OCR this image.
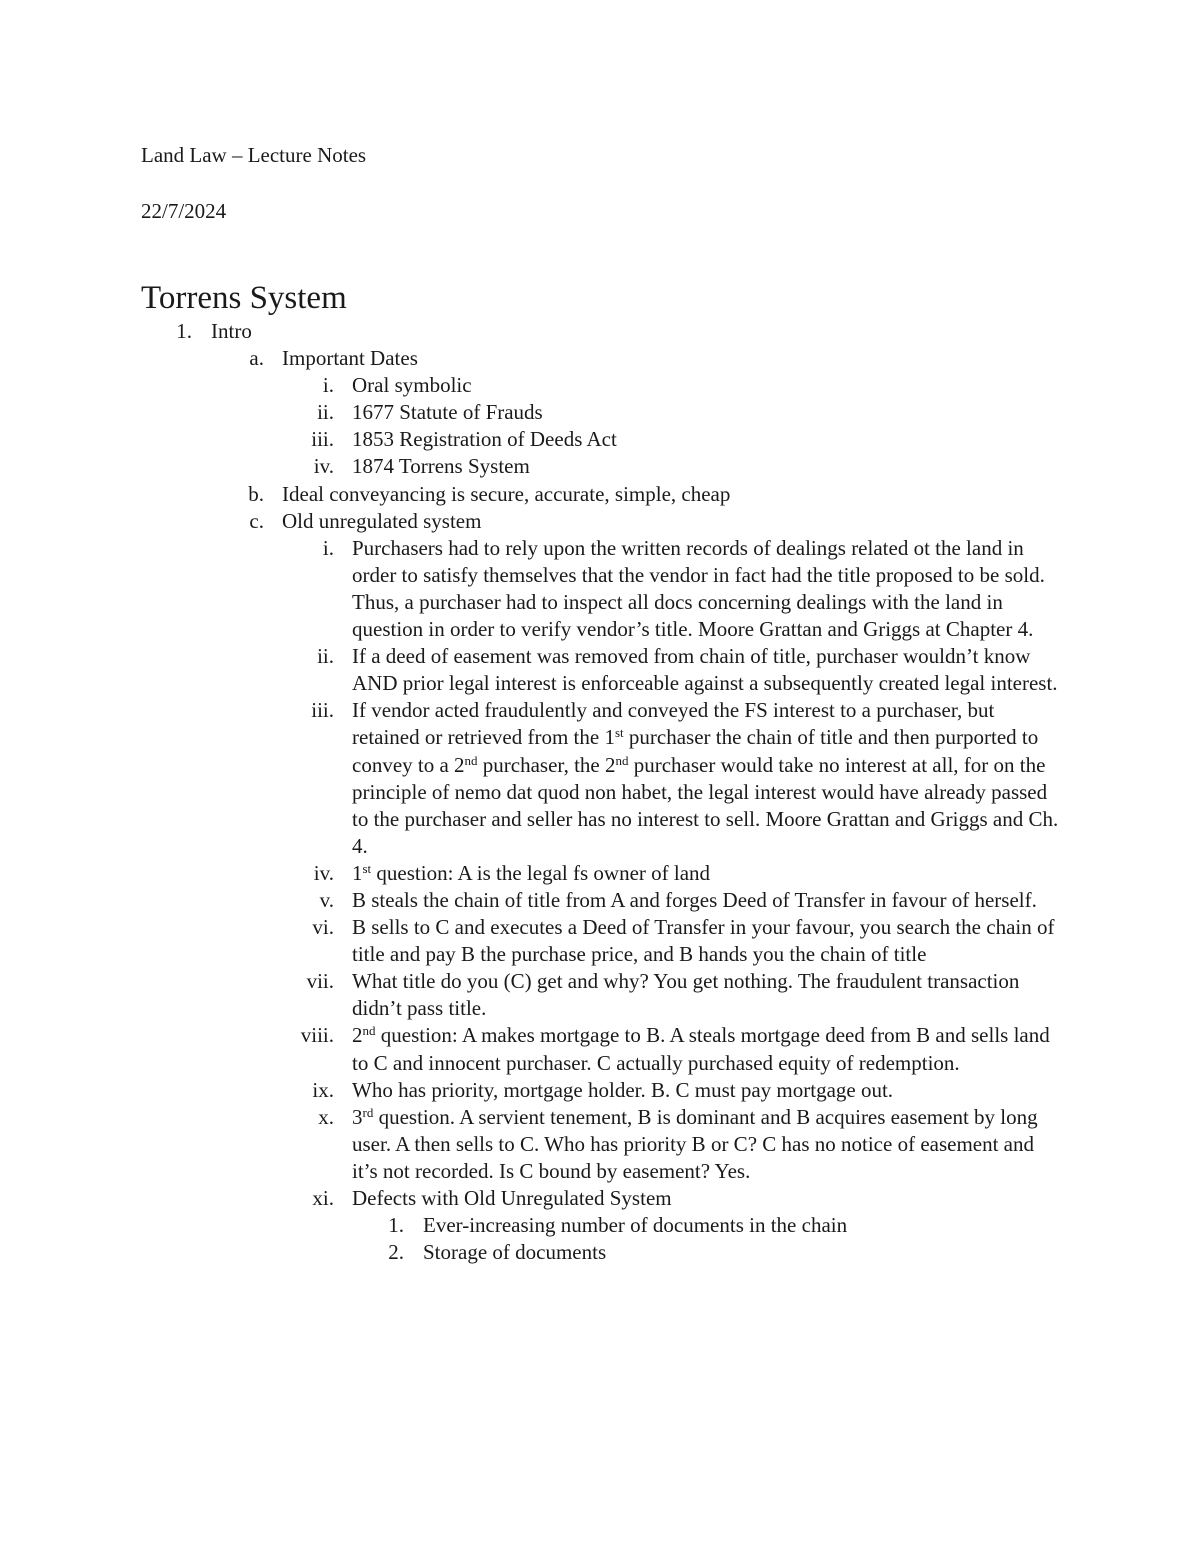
Land Law – Lecture Notes
22/7/2024
Torrens System
1. Intro
a. Important Dates
i. Oral symbolic
ii. 1677 Statute of Frauds
iii. 1853 Registration of Deeds Act
iv. 1874 Torrens System
b. Ideal conveyancing is secure, accurate, simple, cheap
c. Old unregulated system
i. Purchasers had to rely upon the written records of dealings related ot the land in order to satisfy themselves that the vendor in fact had the title proposed to be sold. Thus, a purchaser had to inspect all docs concerning dealings with the land in question in order to verify vendor’s title. Moore Grattan and Griggs at Chapter 4.
ii. If a deed of easement was removed from chain of title, purchaser wouldn’t know AND prior legal interest is enforceable against a subsequently created legal interest.
iii. If vendor acted fraudulently and conveyed the FS interest to a purchaser, but retained or retrieved from the 1st purchaser the chain of title and then purported to convey to a 2nd purchaser, the 2nd purchaser would take no interest at all, for on the principle of nemo dat quod non habet, the legal interest would have already passed to the purchaser and seller has no interest to sell. Moore Grattan and Griggs and Ch. 4.
iv. 1st question: A is the legal fs owner of land
v. B steals the chain of title from A and forges Deed of Transfer in favour of herself.
vi. B sells to C and executes a Deed of Transfer in your favour, you search the chain of title and pay B the purchase price, and B hands you the chain of title
vii. What title do you (C) get and why? You get nothing. The fraudulent transaction didn’t pass title.
viii. 2nd question: A makes mortgage to B. A steals mortgage deed from B and sells land to C and innocent purchaser. C actually purchased equity of redemption.
ix. Who has priority, mortgage holder. B. C must pay mortgage out.
x. 3rd question. A servient tenement, B is dominant and B acquires easement by long user. A then sells to C. Who has priority B or C? C has no notice of easement and it’s not recorded. Is C bound by easement? Yes.
xi. Defects with Old Unregulated System
1. Ever-increasing number of documents in the chain
2. Storage of documents
